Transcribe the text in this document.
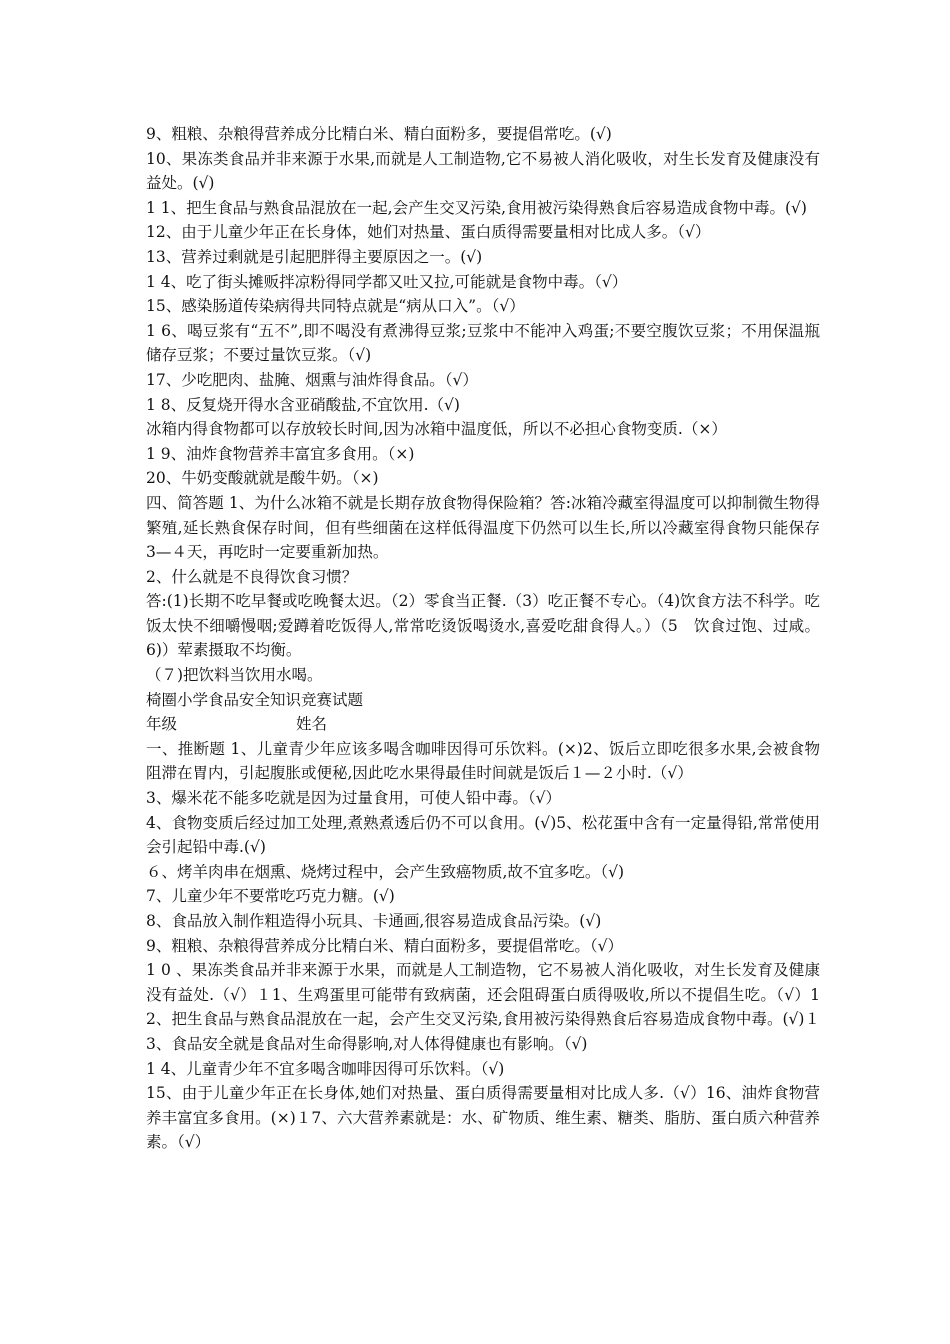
9、粗粮、杂粮得营养成分比精白米、精白面粉多，要提倡常吃。(√)
10、果冻类食品并非来源于水果,而就是人工制造物,它不易被人消化吸收，对生长发育及健康没有益处。(√)
1 1、把生食品与熟食品混放在一起,会产生交叉污染,食用被污染得熟食后容易造成食物中毒。(√)
12、由于儿童少年正在长身体，她们对热量、蛋白质得需要量相对比成人多。（√）
13、营养过剩就是引起肥胖得主要原因之一。(√)
1 4、吃了街头摊贩拌凉粉得同学都又吐又拉,可能就是食物中毒。（√）
15、感染肠道传染病得共同特点就是“病从口入”。（√）
1 6、喝豆浆有“五不”,即不喝没有煮沸得豆浆;豆浆中不能冲入鸡蛋;不要空腹饮豆浆；不用保温瓶储存豆浆；不要过量饮豆浆。（√)
17、少吃肥肉、盐腌、烟熏与油炸得食品。（√）
1 8、反复烧开得水含亚硝酸盐,不宜饮用.（√)
冰箱内得食物都可以存放较长时间,因为冰箱中温度低，所以不必担心食物变质.（×）
1 9、油炸食物营养丰富宜多食用。（×)
20、牛奶变酸就就是酸牛奶。（×)
四、简答题 1、为什么冰箱不就是长期存放食物得保险箱？答:冰箱冷藏室得温度可以抑制微生物得繁殖,延长熟食保存时间，但有些细菌在这样低得温度下仍然可以生长,所以冷藏室得食物只能保存 3—４天，再吃时一定要重新加热。
2、什么就是不良得饮食习惯？
答:(1)长期不吃早餐或吃晚餐太迟。（2）零食当正餐.（3）吃正餐不专心。（4)饮食方法不科学。吃饭太快不细嚼慢咽;爱蹲着吃饭得人,常常吃烫饭喝烫水,喜爱吃甜食得人。）（5　饮食过饱、过咸。6)）荤素摄取不均衡。
（７)把饮料当饮用水喝。
椅圈小学食品安全知识竞赛试题
年级	姓名
一、推断题 1、儿童青少年应该多喝含咖啡因得可乐饮料。(×)2、饭后立即吃很多水果,会被食物阻滞在胃内，引起腹胀或便秘,因此吃水果得最佳时间就是饭后１—２小时.（√）
3、爆米花不能多吃就是因为过量食用，可使人铅中毒。（√）
4、食物变质后经过加工处理,煮熟煮透后仍不可以食用。(√)5、松花蛋中含有一定量得铅,常常使用会引起铅中毒.(√)
６、烤羊肉串在烟熏、烧烤过程中，会产生致癌物质,故不宜多吃。（√)
7、儿童少年不要常吃巧克力糖。(√)
8、食品放入制作粗造得小玩具、卡通画,很容易造成食品污染。(√)
9、粗粮、杂粮得营养成分比精白米、精白面粉多，要提倡常吃。（√）
1 0 、果冻类食品并非来源于水果，而就是人工制造物，它不易被人消化吸收，对生长发育及健康没有益处.（√）１1、生鸡蛋里可能带有致病菌，还会阻碍蛋白质得吸收,所以不提倡生吃。（√）12、把生食品与熟食品混放在一起，会产生交叉污染,食用被污染得熟食后容易造成食物中毒。(√)１3、食品安全就是食品对生命得影响,对人体得健康也有影响。（√)
1 4、儿童青少年不宜多喝含咖啡因得可乐饮料。（√)
15、由于儿童少年正在长身体,她们对热量、蛋白质得需要量相对比成人多.（√）16、油炸食物营养丰富宜多食用。(×)１7、六大营养素就是：水、矿物质、维生素、糖类、脂肪、蛋白质六种营养素。（√）
